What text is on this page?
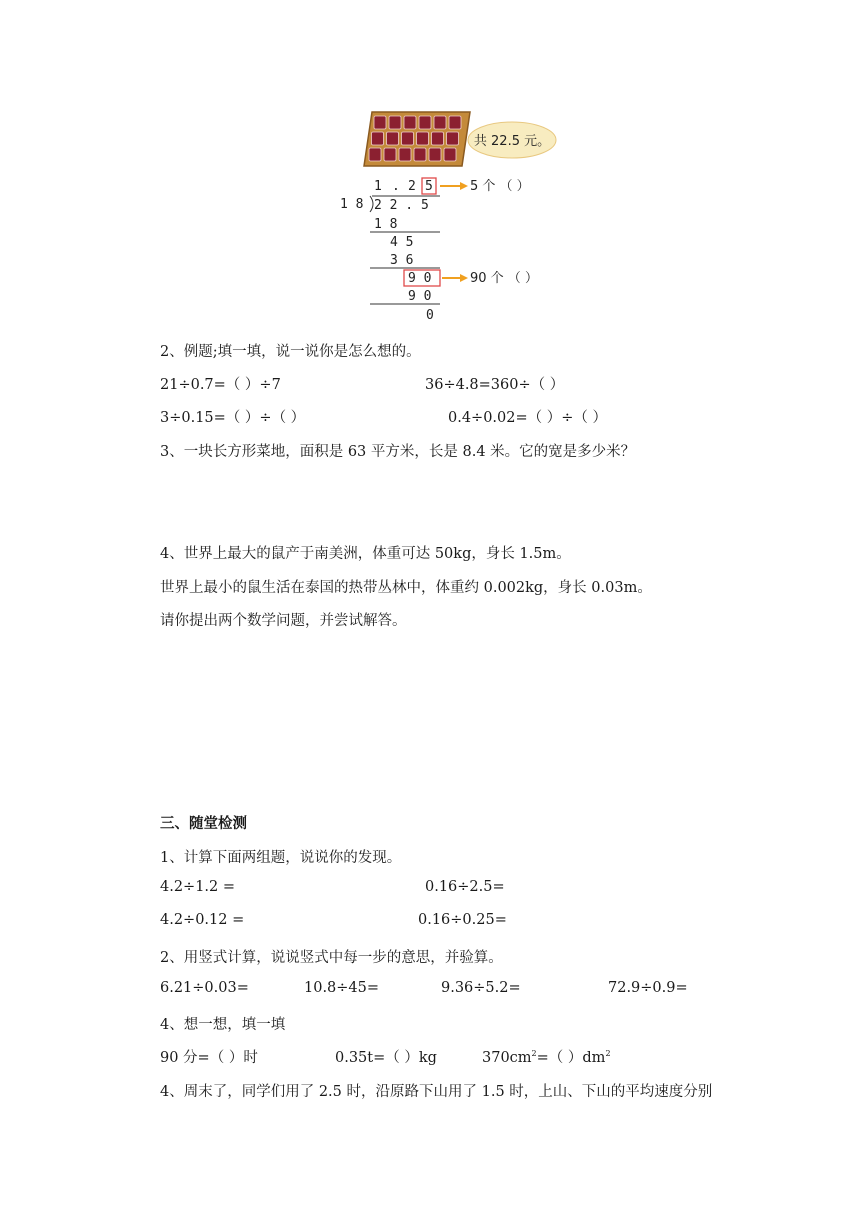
共 22.5 元。
1 . 2 5	5 个 （ ）
1 8 2 2 . 5
1 8
4 5
3 6
9 0	90 个 （ ）
9 0
0
2、例题;填一填，说一说你是怎么想的。
21÷0.7=（ ）÷7	36÷4.8=360÷（ ）
3÷0.15=（ ）÷（ ）	0.4÷0.02=（ ）÷（ ）
3、一块长方形菜地，面积是 63 平方米，长是 8.4 米。它的宽是多少米？
4、世界上最大的鼠产于南美洲，体重可达 50kg，身长 1.5m。
世界上最小的鼠生活在泰国的热带丛林中，体重约 0.002kg，身长 0.03m。
请你提出两个数学问题，并尝试解答。
三、随堂检测
1、计算下面两组题，说说你的发现。
4.2÷1.2 =	0.16÷2.5=
4.2÷0.12 =	0.16÷0.25=
2、用竖式计算，说说竖式中每一步的意思，并验算。
6.21÷0.03=	10.8÷45=	9.36÷5.2=	72.9÷0.9=
4、想一想，填一填
90 分=（ ）时	0.35t=（ ）kg	$370cm^2=$（ ）$dm^2$
4、周末了，同学们用了 2.5 时，沿原路下山用了 1.5 时，上山、下山的平均速度分别
